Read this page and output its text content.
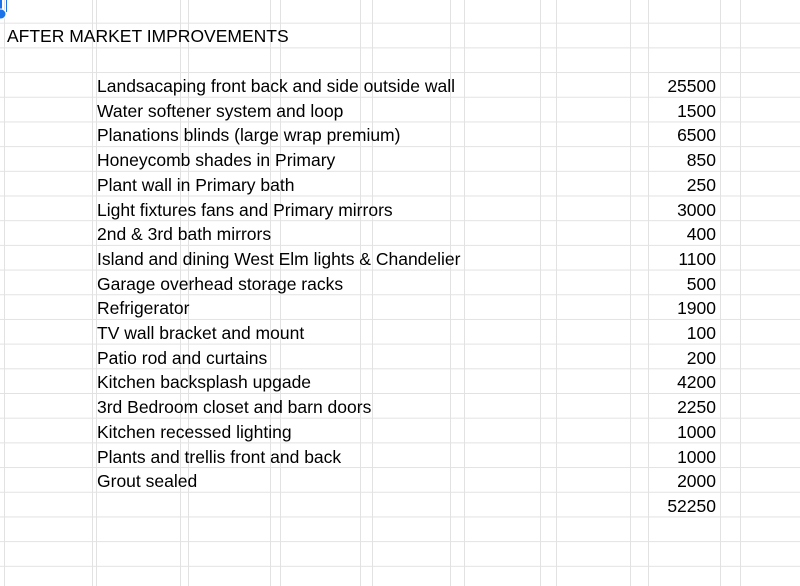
AFTER MARKET IMPROVEMENTS
Landsacaping front back and side outside wall	25500
Water softener system and loop	1500
Planations blinds (large wrap premium)	6500
Honeycomb shades in Primary	850
Plant wall in Primary bath	250
Light fixtures fans and Primary mirrors	3000
2nd & 3rd bath mirrors	400
Island and dining West Elm lights & Chandelier	1100
Garage overhead storage racks	500
Refrigerator	1900
TV wall bracket and mount	100
Patio rod and curtains	200
Kitchen backsplash upgade	4200
3rd Bedroom closet and barn doors	2250
Kitchen recessed lighting	1000
Plants and trellis front and back	1000
Grout sealed	2000
52250
